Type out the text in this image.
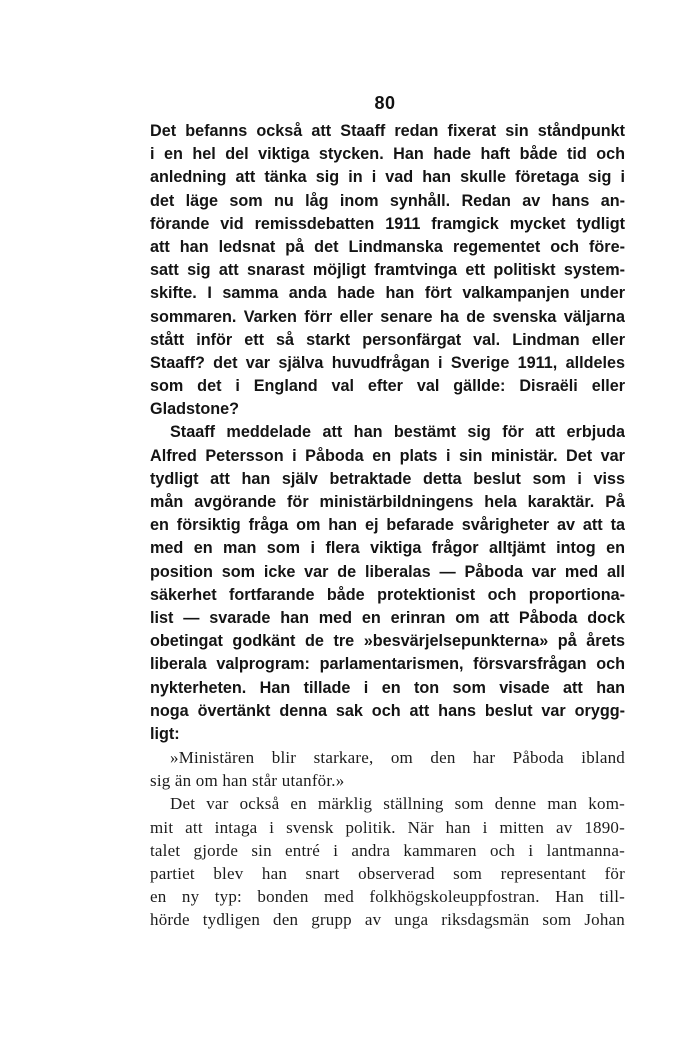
80
Det befanns också att Staaff redan fixerat sin ståndpunkt
i en hel del viktiga stycken. Han hade haft både tid och
anledning att tänka sig in i vad han skulle företaga sig i
det läge som nu låg inom synhåll. Redan av hans an-
förande vid remissdebatten 1911 framgick mycket tydligt
att han ledsnat på det Lindmanska regementet och före-
satt sig att snarast möjligt framtvinga ett politiskt system-
skifte. I samma anda hade han fört valkampanjen under
sommaren. Varken förr eller senare ha de svenska väljarna
stått inför ett så starkt personfärgat val. Lindman eller
Staaff? det var själva huvudfrågan i Sverige 1911, alldeles
som det i England val efter val gällde: Disraëli eller
Gladstone?
Staaff meddelade att han bestämt sig för att erbjuda
Alfred Petersson i Påboda en plats i sin ministär. Det var
tydligt att han själv betraktade detta beslut som i viss
mån avgörande för ministärbildningens hela karaktär. På
en försiktig fråga om han ej befarade svårigheter av att ta
med en man som i flera viktiga frågor alltjämt intog en
position som icke var de liberalas — Påboda var med all
säkerhet fortfarande både protektionist och proportiona-
list — svarade han med en erinran om att Påboda dock
obetingat godkänt de tre »besvärjelsepunkterna» på årets
liberala valprogram: parlamentarismen, försvarsfrågan och
nykterheten. Han tillade i en ton som visade att han
noga övertänkt denna sak och att hans beslut var orygg-
ligt:
»Ministären blir starkare, om den har Påboda ibland
sig än om han står utanför.»
Det var också en märklig ställning som denne man kom-
mit att intaga i svensk politik. När han i mitten av 1890-
talet gjorde sin entré i andra kammaren och i lantmanna-
partiet blev han snart observerad som representant för
en ny typ: bonden med folkhögskoleuppfostran. Han till-
hörde tydligen den grupp av unga riksdagsmän som Johan
